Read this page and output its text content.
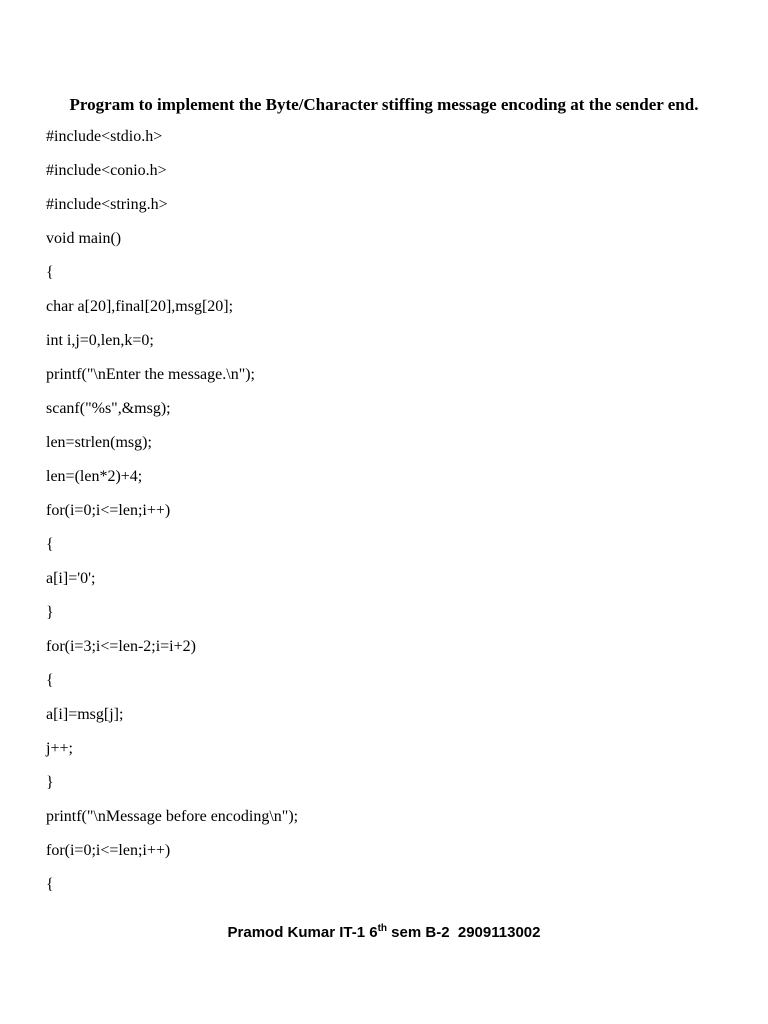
Program to implement the Byte/Character stiffing message encoding at the sender end.
#include<stdio.h>
#include<conio.h>
#include<string.h>
void main()
{
char a[20],final[20],msg[20];
int i,j=0,len,k=0;
printf("\nEnter the message.\n");
scanf("%s",&msg);
len=strlen(msg);
len=(len*2)+4;
for(i=0;i<=len;i++)
{
a[i]='0';
}
for(i=3;i<=len-2;i=i+2)
{
a[i]=msg[j];
j++;
}
printf("\nMessage before encoding\n");
for(i=0;i<=len;i++)
{
Pramod Kumar IT-1 6th sem B-2  2909113002
